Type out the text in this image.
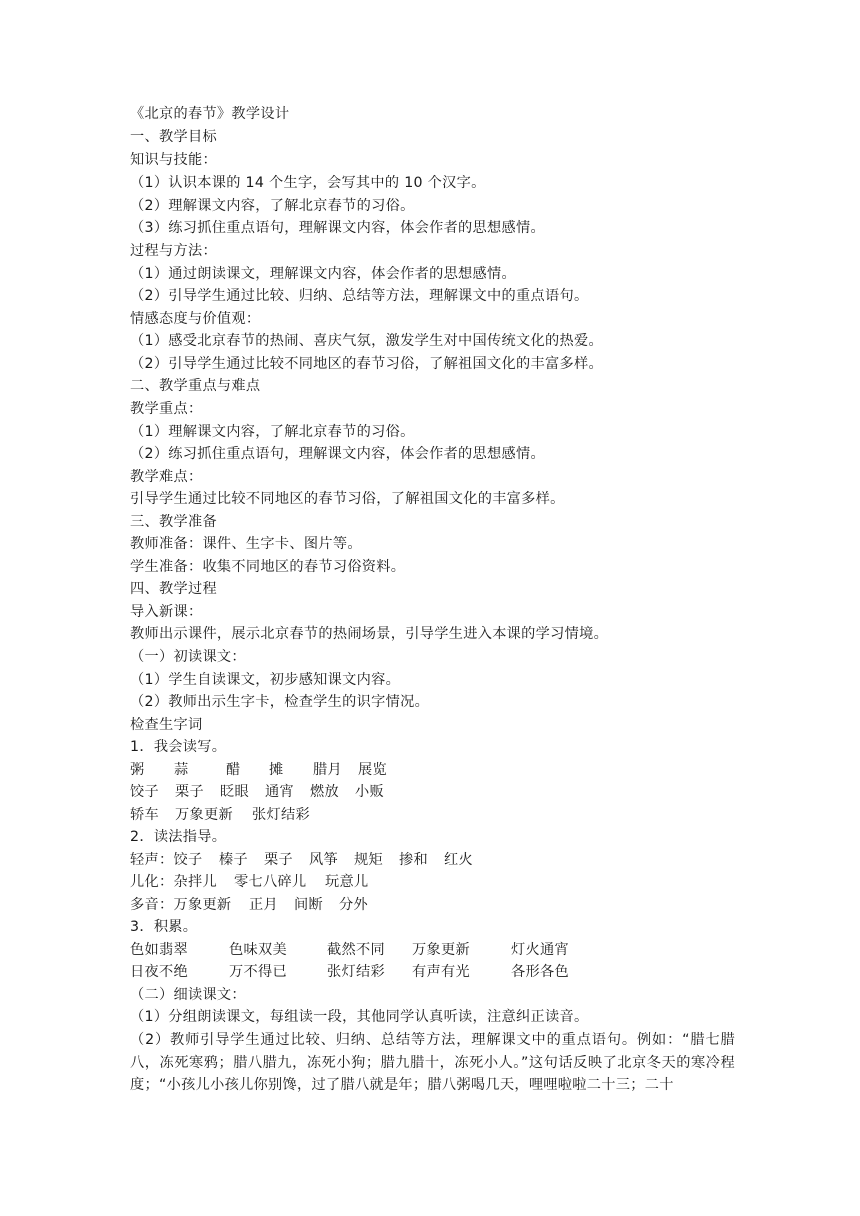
《北京的春节》教学设计
一、教学目标
知识与技能：
（1）认识本课的 14 个生字，会写其中的 10 个汉字。
（2）理解课文内容，了解北京春节的习俗。
（3）练习抓住重点语句，理解课文内容，体会作者的思想感情。
过程与方法：
（1）通过朗读课文，理解课文内容，体会作者的思想感情。
（2）引导学生通过比较、归纳、总结等方法，理解课文中的重点语句。
情感态度与价值观：
（1）感受北京春节的热闹、喜庆气氛，激发学生对中国传统文化的热爱。
（2）引导学生通过比较不同地区的春节习俗，了解祖国文化的丰富多样。
二、教学重点与难点
教学重点：
（1）理解课文内容，了解北京春节的习俗。
（2）练习抓住重点语句，理解课文内容，体会作者的思想感情。
教学难点：
引导学生通过比较不同地区的春节习俗，了解祖国文化的丰富多样。
三、教学准备
教师准备：课件、生字卡、图片等。
学生准备：收集不同地区的春节习俗资料。
四、教学过程
导入新课：
教师出示课件，展示北京春节的热闹场景，引导学生进入本课的学习情境。
（一）初读课文：
（1）学生自读课文，初步感知课文内容。
（2）教师出示生字卡，检查学生的识字情况。
检查生字词
1．我会读写。
粥 蒜	醋 摊 腊月 展览
饺子 栗子 眨眼 通宵 燃放 小贩
轿车 万象更新 张灯结彩
2．读法指导。
轻声：饺子 榛子 栗子 风筝 规矩 掺和 红火
儿化：杂拌儿 零七八碎儿 玩意儿
多音：万象更新 正月 间断 分外
3．积累。
色如翡翠	色味双美	截然不同 万象更新	灯火通宵
日夜不绝	万不得已	张灯结彩 有声有光	各形各色
（二）细读课文：
（1）分组朗读课文，每组读一段，其他同学认真听读，注意纠正读音。
（2）教师引导学生通过比较、归纳、总结等方法，理解课文中的重点语句。例如：“腊七腊八，冻死寒鸦；腊八腊九，冻死小狗；腊九腊十，冻死小人。”这句话反映了北京冬天的寒冷程度；“小孩儿小孩儿你别馋，过了腊八就是年；腊八粥喝几天，哩哩啦啦二十三；二十
